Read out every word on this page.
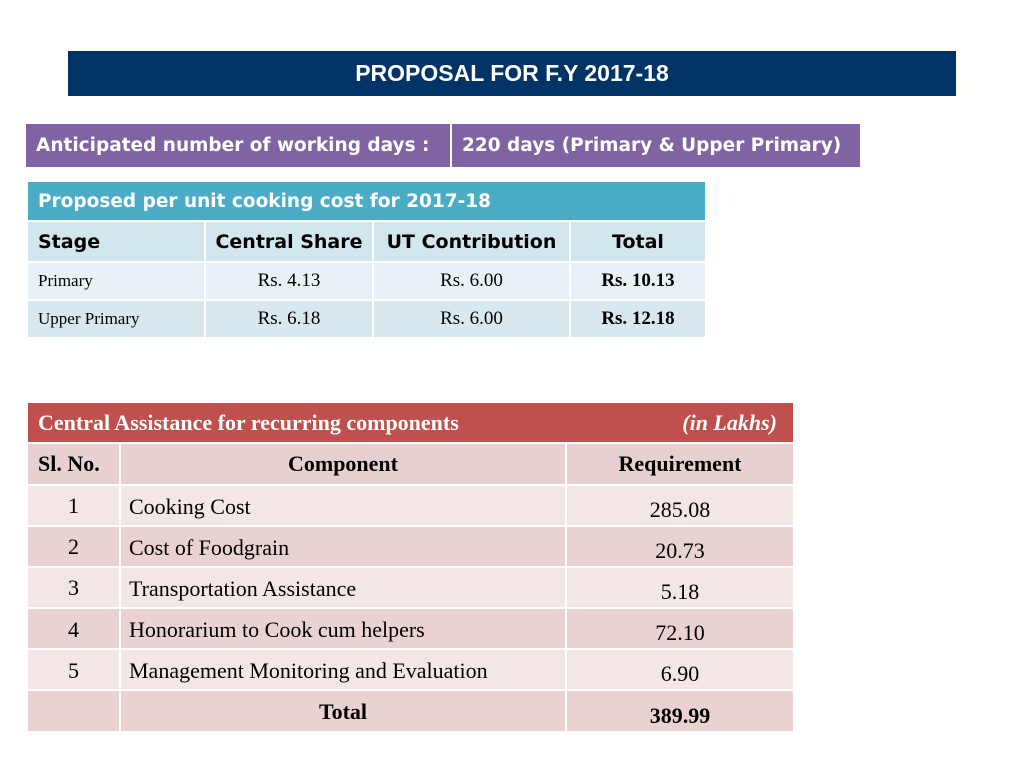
PROPOSAL FOR F.Y 2017-18
Anticipated number of working days :	220 days (Primary & Upper Primary)
Proposed per unit cooking cost for 2017-18			
Stage	Central Share	UT Contribution	Total
Primary	Rs. 4.13	Rs. 6.00	Rs. 10.13
Upper Primary	Rs. 6.18	Rs. 6.00	Rs. 12.18
Central Assistance for recurring components (in Lakhs)		

Sl. No.	Component	Requirement
1	Cooking Cost	285.08
2	Cost of Foodgrain	20.73
3	Transportation Assistance	5.18
4	Honorarium to Cook cum helpers	72.10
5	Management Monitoring and Evaluation	6.90
	Total	389.99
